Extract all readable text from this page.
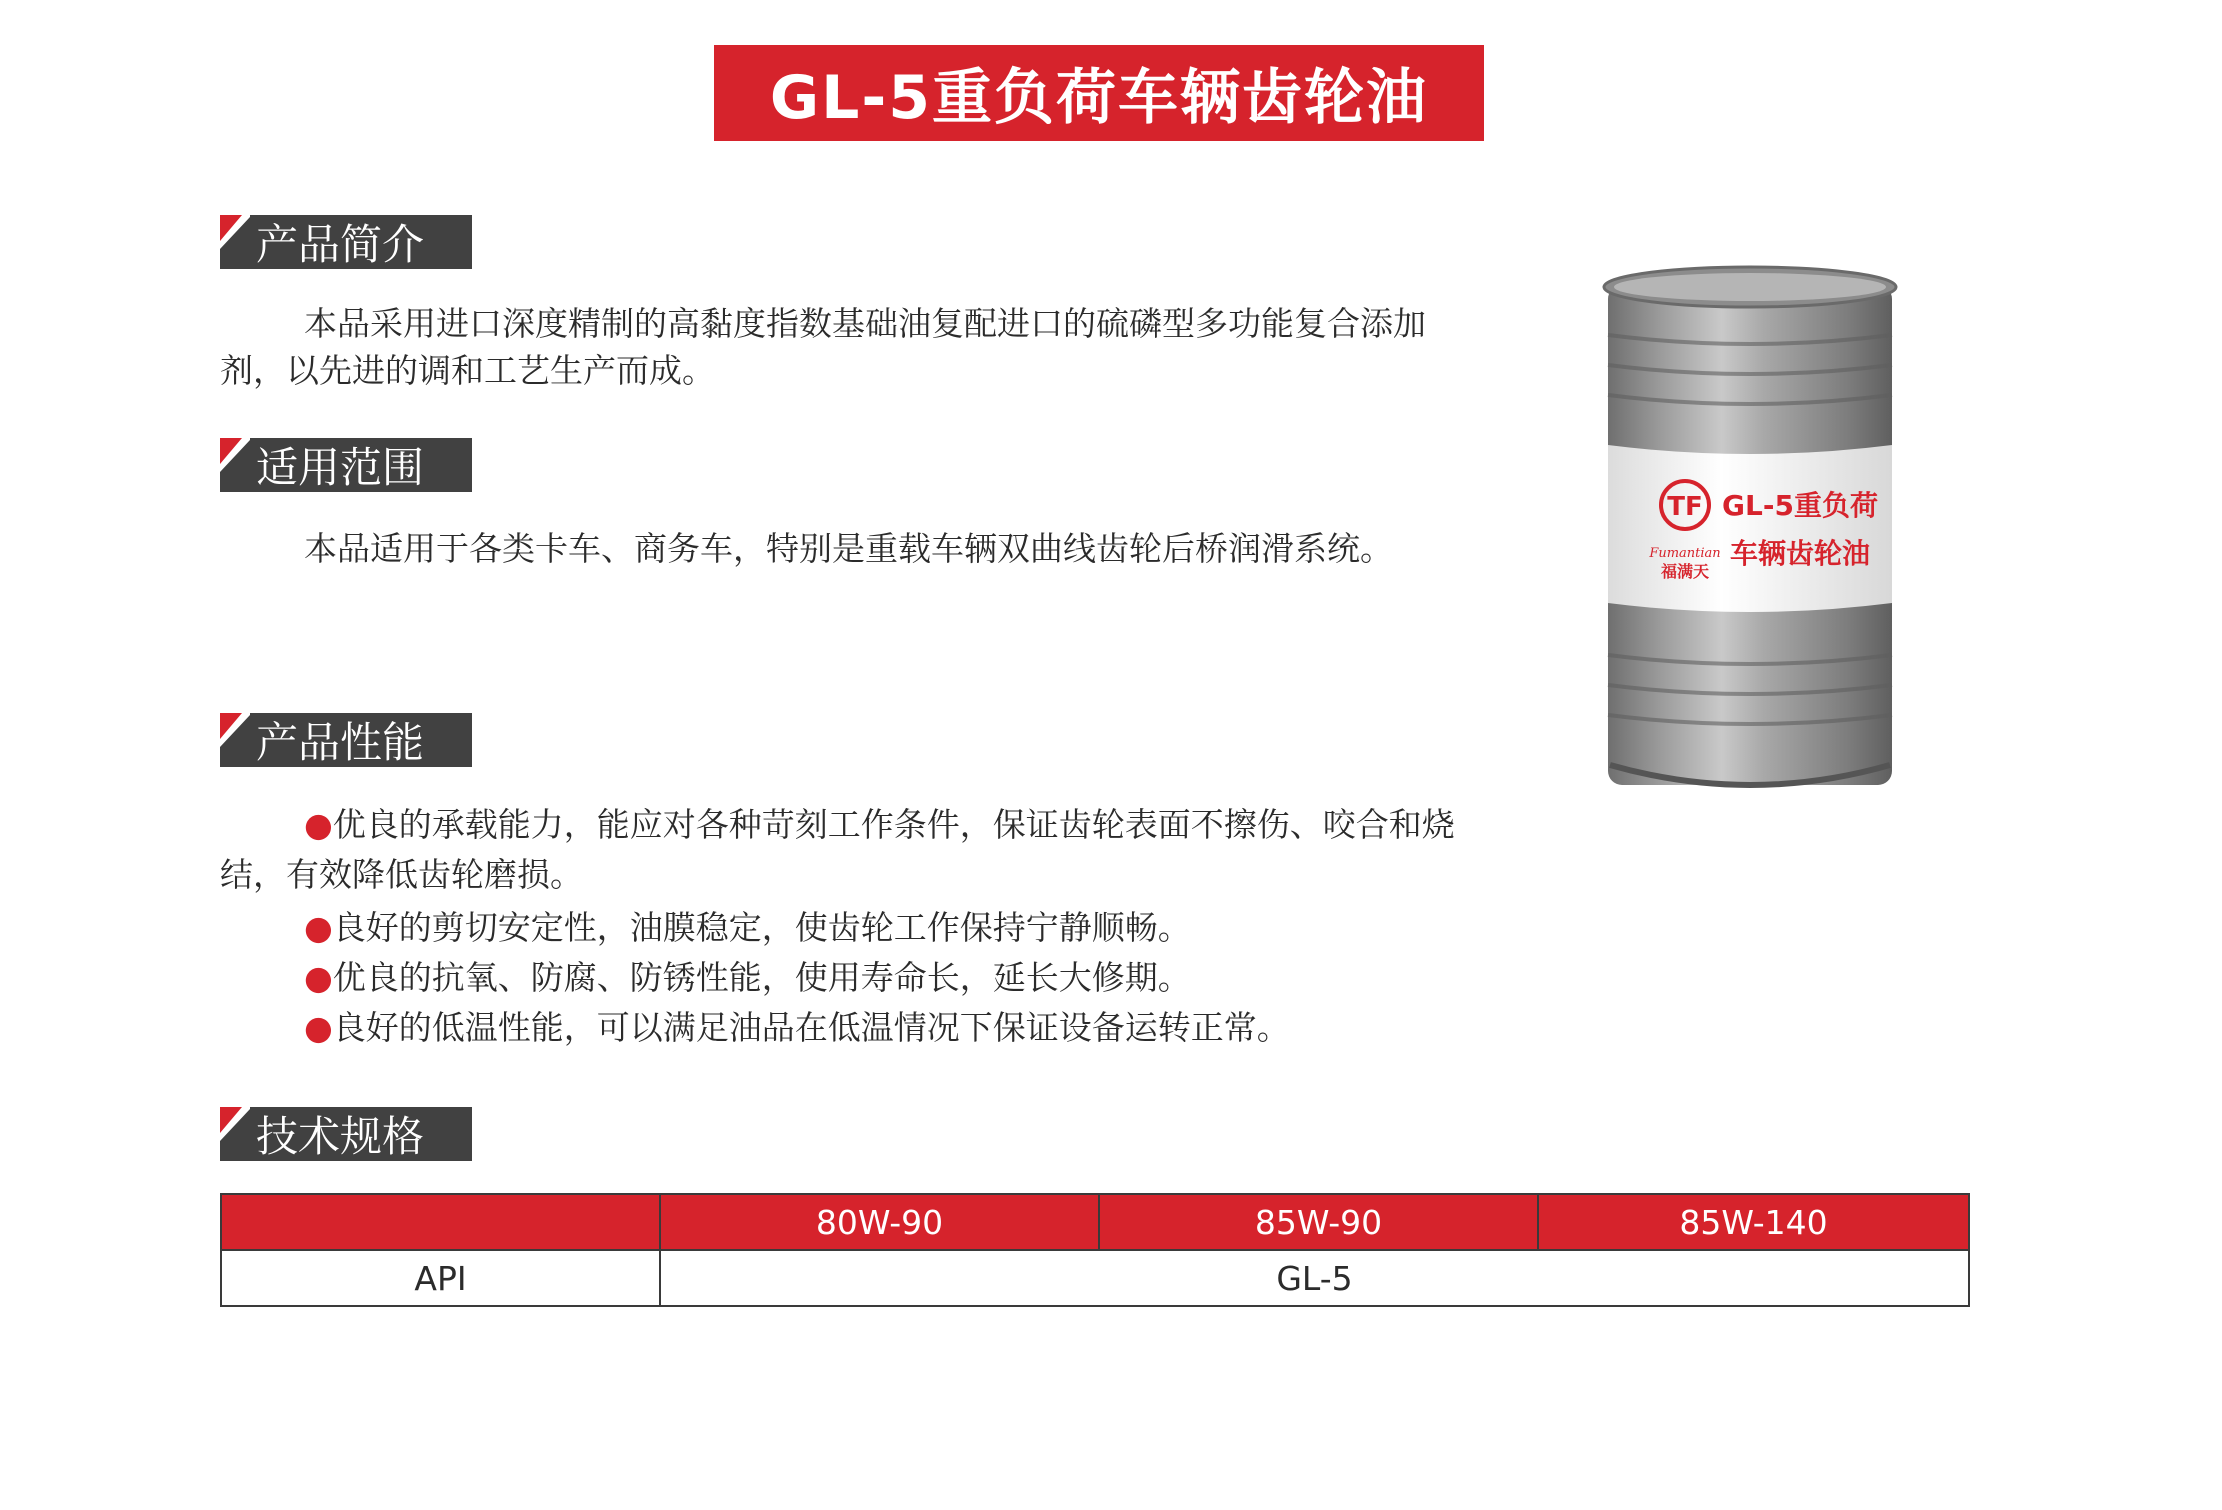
GL-5重负荷车辆齿轮油
产品简介

本品采用进口深度精制的高黏度指数基础油复配进口的硫磷型多功能复合添加剂，以先进的调和工艺生产而成。

适用范围

本品适用于各类卡车、商务车，特别是重载车辆双曲线齿轮后桥润滑系统。

产品性能

●优良的承载能力，能应对各种苛刻工作条件，保证齿轮表面不擦伤、咬合和烧结，有效降低齿轮磨损。

●良好的剪切安定性，油膜稳定，使齿轮工作保持宁静顺畅。

●优良的抗氧、防腐、防锈性能，使用寿命长，延长大修期。

●良好的低温性能，可以满足油品在低温情况下保证设备运转正常。

技术规格
	80W-90	85W-90	85W-140
API	GL-5		
TF
Fumantian
福满天
GL-5重负荷
车辆齿轮油
